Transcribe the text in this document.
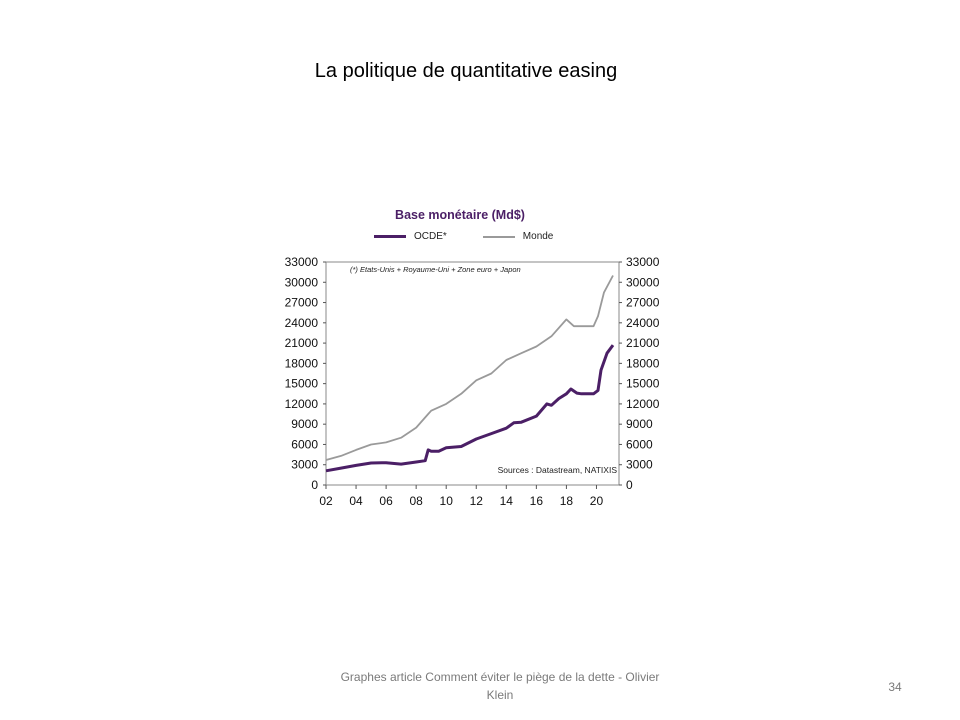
La politique de quantitative easing
Base monétaire (Md$)
OCDE*	Monde
0	0
3000	3000
6000	6000
9000	9000
12000	12000
15000	15000
18000	18000
21000	21000
24000	24000
27000	27000
30000	30000
33000	33000
02 04 06 08 10 12 14 16 18 20
(*) Etats-Unis + Royaume-Uni + Zone euro + Japon
Sources : Datastream, NATIXIS
Graphes article Comment éviter le piège de la dette - Olivier Klein
34
